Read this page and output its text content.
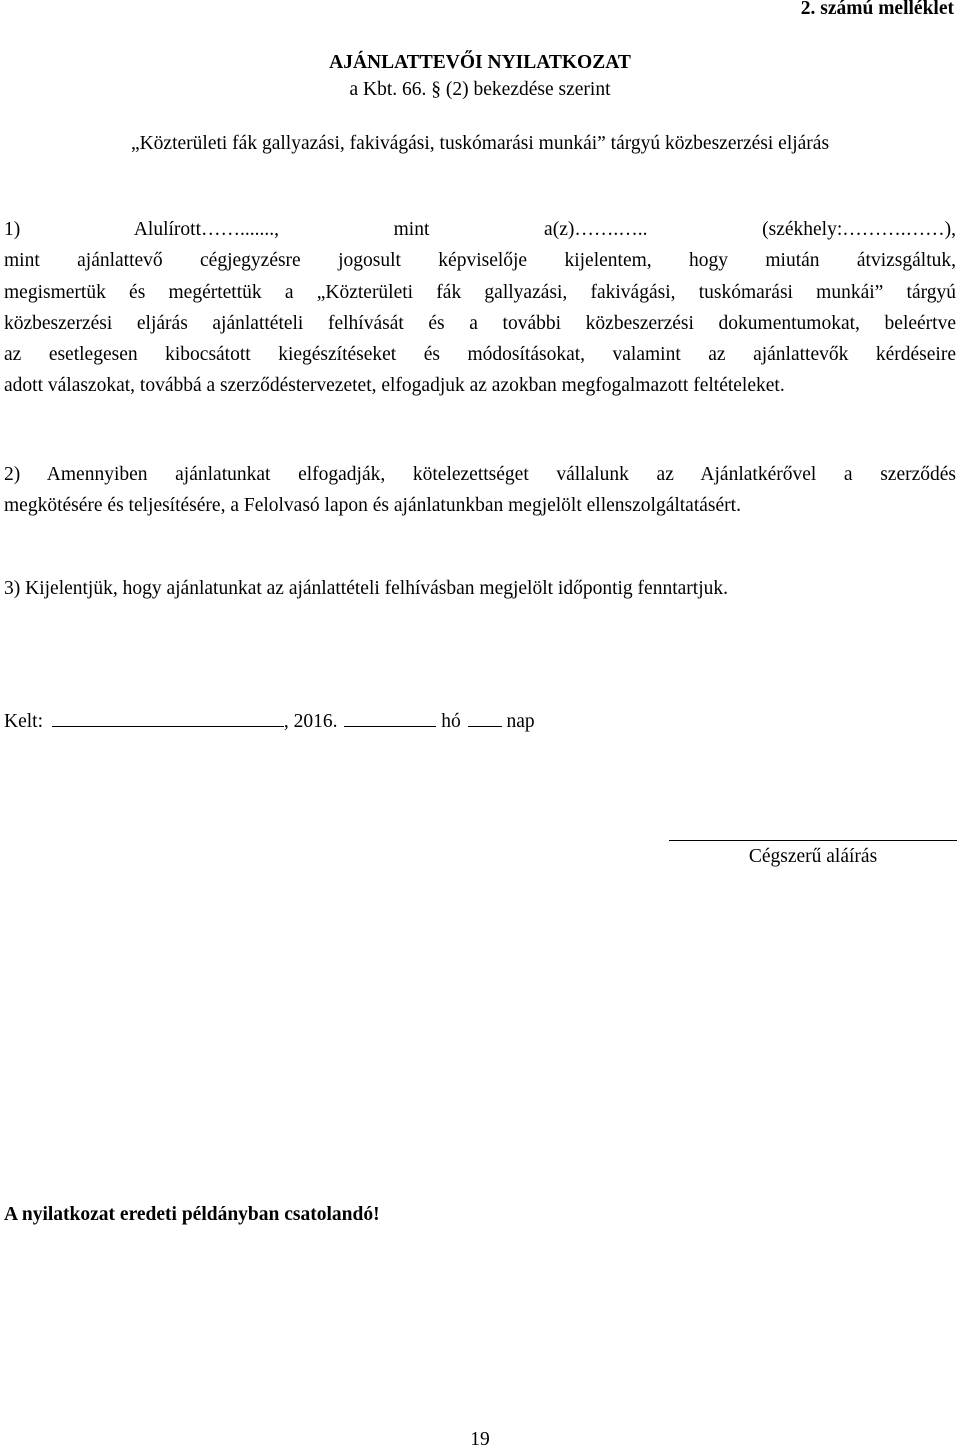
2. számú melléklet
AJÁNLATTEVŐI NYILATKOZAT
a Kbt. 66. § (2) bekezdése szerint
„Közterületi fák gallyazási, fakivágási, tuskómarási munkái” tárgyú közbeszerzési eljárás
1) Alulírott……......., mint a(z)…….….. (székhely:……….……),
mint ajánlattevő cégjegyzésre jogosult képviselője kijelentem, hogy miután átvizsgáltuk,
megismertük és megértettük a „Közterületi fák gallyazási, fakivágási, tuskómarási munkái” tárgyú
közbeszerzési eljárás ajánlattételi felhívását és a további közbeszerzési dokumentumokat, beleértve
az esetlegesen kibocsátott kiegészítéseket és módosításokat, valamint az ajánlattevők kérdéseire
adott válaszokat, továbbá a szerződéstervezetet, elfogadjuk az azokban megfogalmazott feltételeket.
2) Amennyiben ajánlatunkat elfogadják, kötelezettséget vállalunk az Ajánlatkérővel a szerződés
megkötésére és teljesítésére, a Felolvasó lapon és ajánlatunkban megjelölt ellenszolgáltatásért.
3) Kijelentjük, hogy ajánlatunkat az ajánlattételi felhívásban megjelölt időpontig fenntartjuk.
Kelt:	, 2016.	hó nap
Cégszerű aláírás
A nyilatkozat eredeti példányban csatolandó!
19
